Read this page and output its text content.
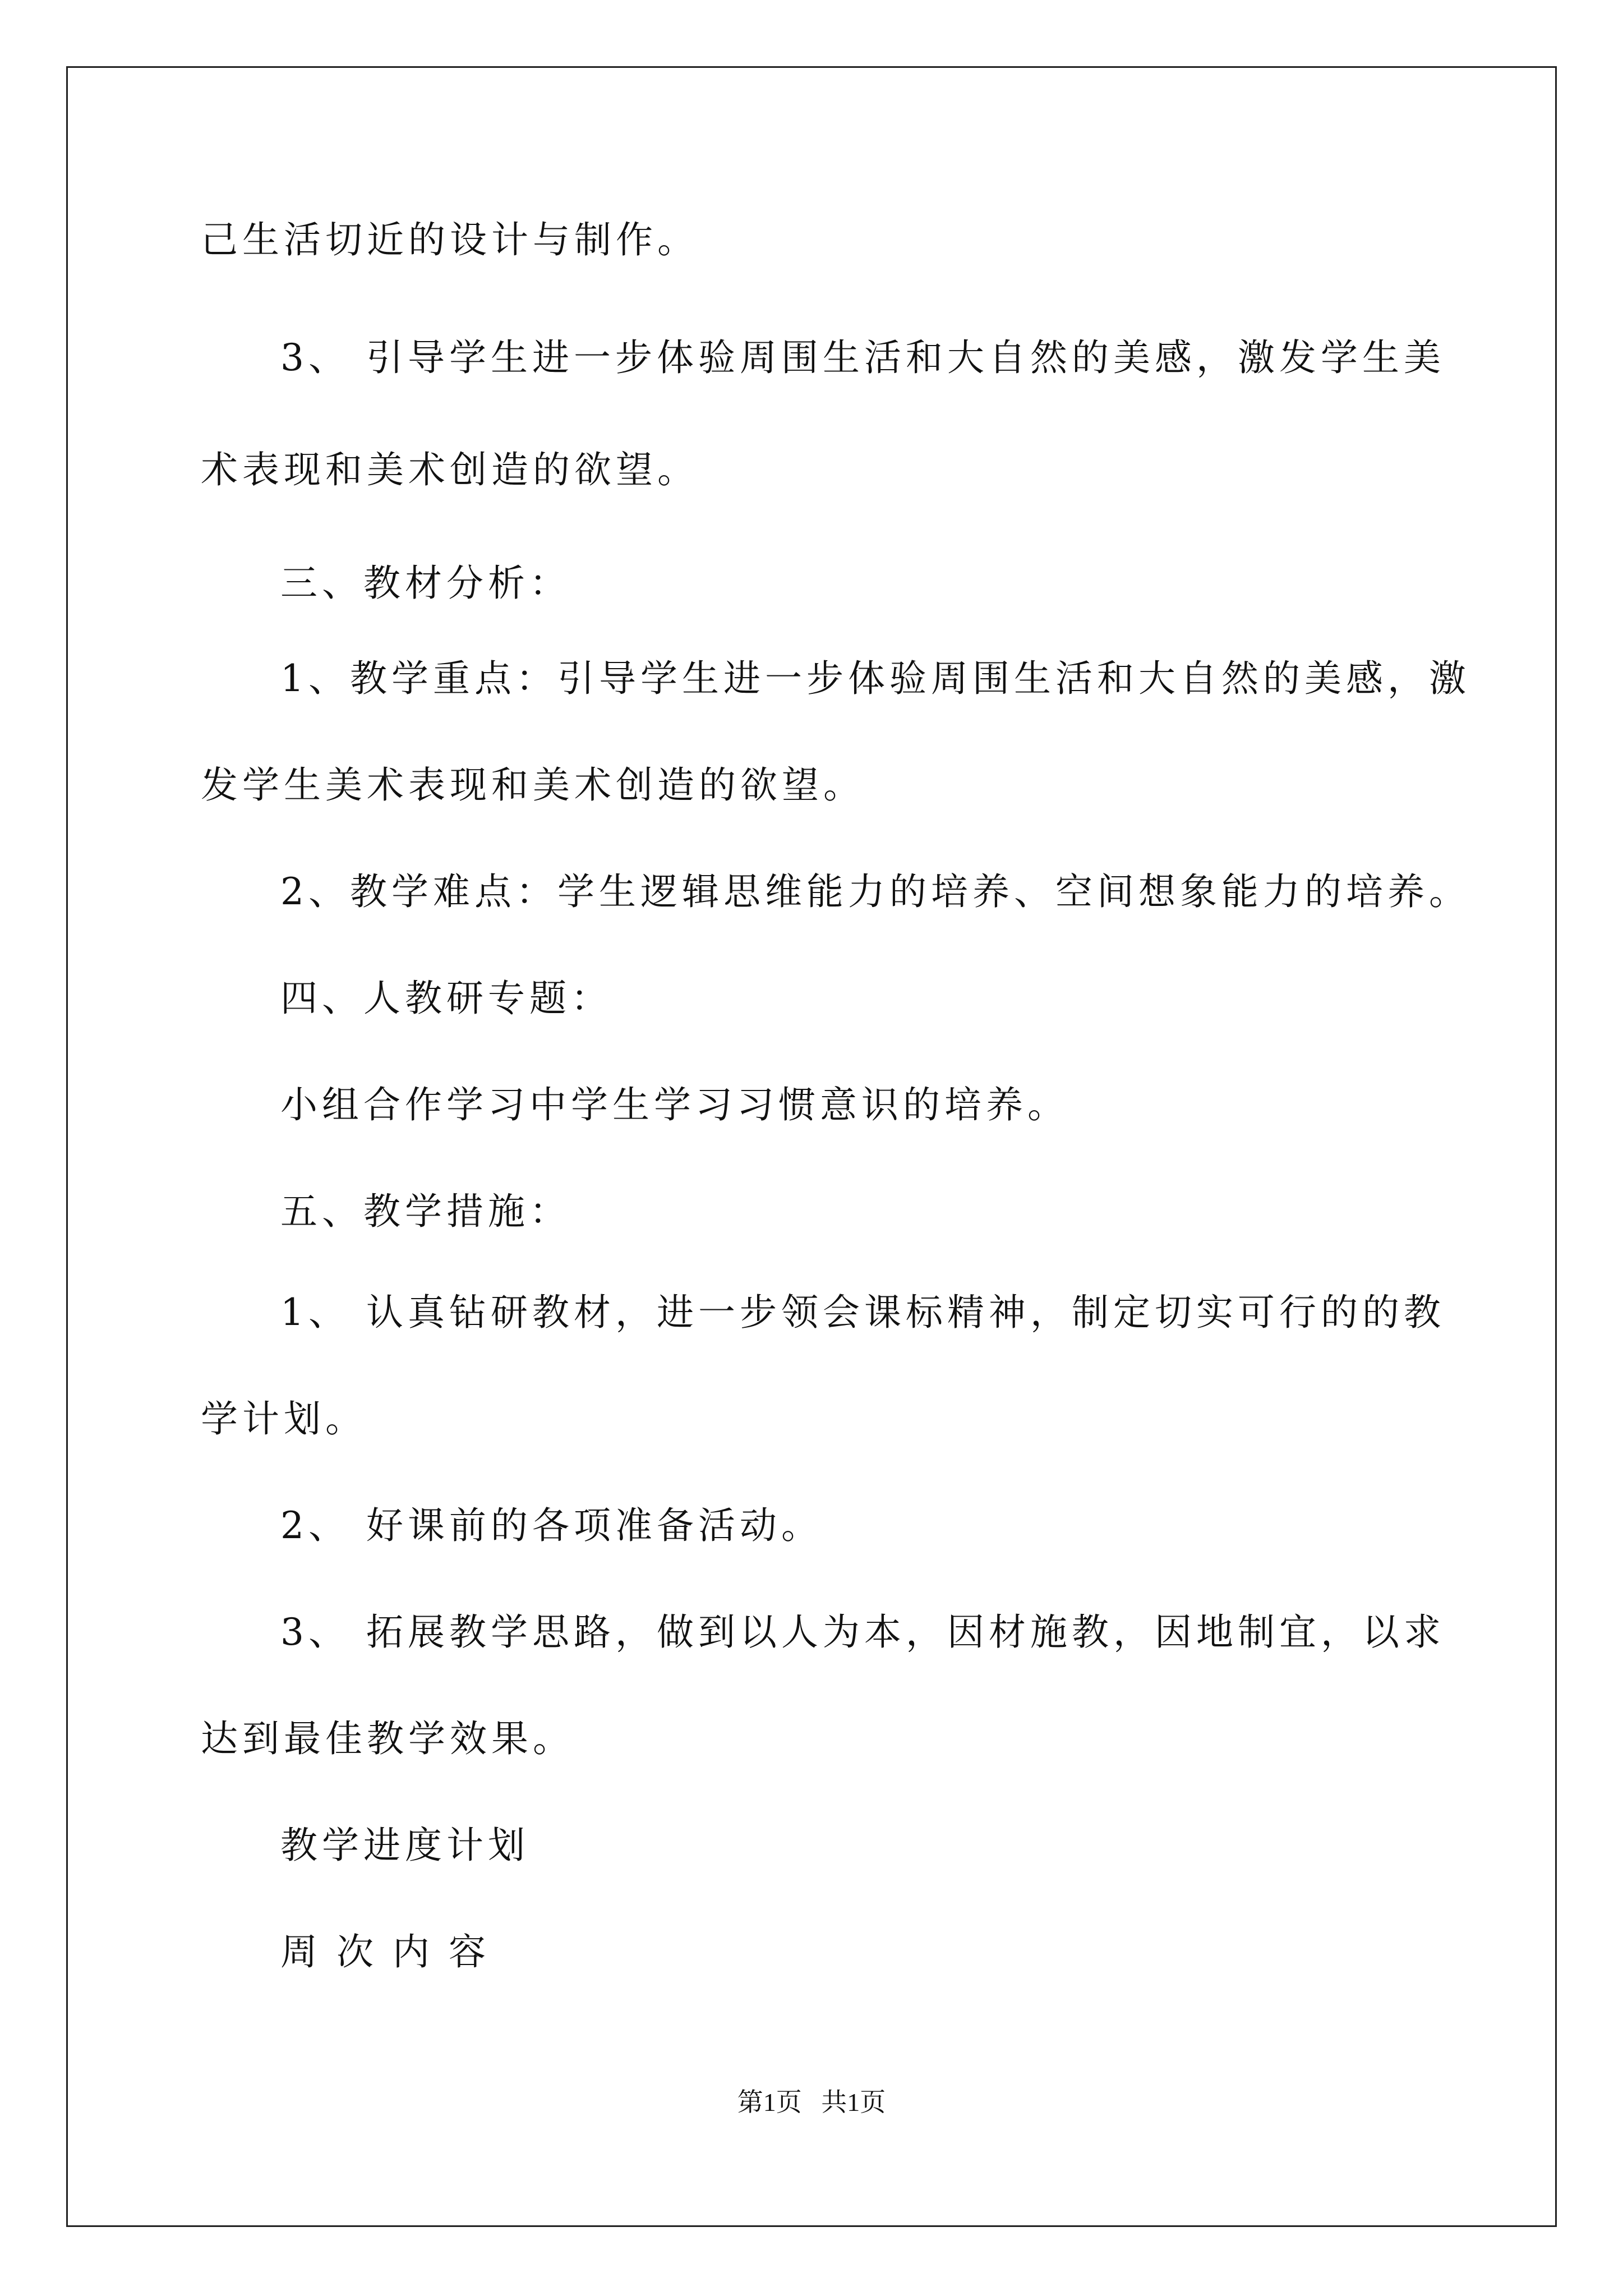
己生活切近的设计与制作。
3、 引导学生进一步体验周围生活和大自然的美感，激发学生美
术表现和美术创造的欲望。
三、教材分析：
1、教学重点：引导学生进一步体验周围生活和大自然的美感，激
发学生美术表现和美术创造的欲望。
2、教学难点：学生逻辑思维能力的培养、空间想象能力的培养。
四、人教研专题：
小组合作学习中学生学习习惯意识的培养。
五、教学措施：
1、 认真钻研教材，进一步领会课标精神，制定切实可行的的教
学计划。
2、 好课前的各项准备活动。
3、 拓展教学思路，做到以人为本，因材施教，因地制宜，以求
达到最佳教学效果。
教学进度计划
周次内容
第1页 共1页
